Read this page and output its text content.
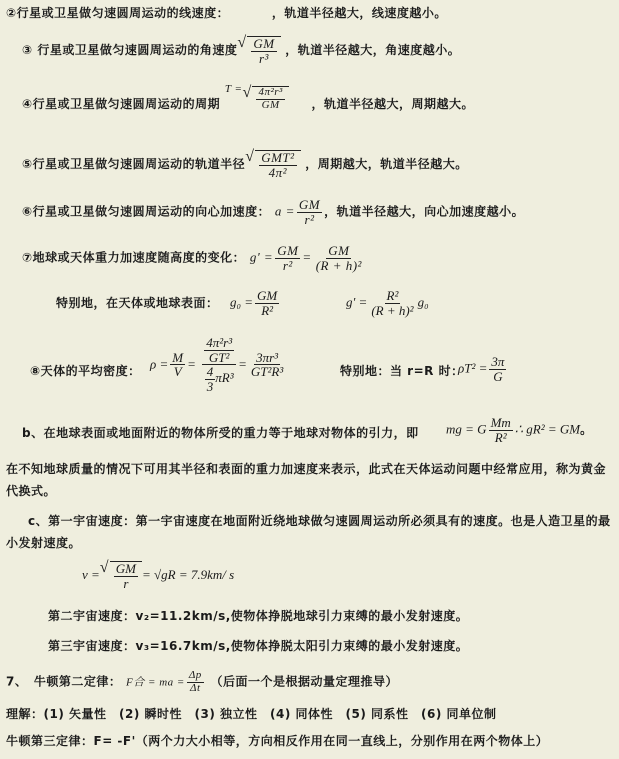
②行星或卫星做匀速圆周运动的线速度：	，轨道半径越大，线速度越小。
③ 行星或卫星做匀速圆周运动的角速度 √ $\frac{GM}{\text{r³}}$ ，轨道半径越大，角速度越小。
④行星或卫星做匀速圆周运动的周期 T = √ $\frac{\text{4π²r³}}{GM}$ ，轨道半径越大，周期越大。
⑤行星或卫星做匀速圆周运动的轨道半径 √ $\frac{\text{GMT²}}{\text{4π²}}$ ，周期越大，轨道半径越大。
⑥行星或卫星做匀速圆周运动的向心加速度： $a = \frac{GM}{\text{r²}}$ ，轨道半径越大，向心加速度越小。
⑦地球或天体重力加速度随高度的变化： $g' = \frac{GM}{\text{r²}} = \frac{GM}{\text{(R + h)²}}$
特别地，在天体或地球表面： $g_0 = \frac{GM}{\text{R²}}$	$g' = \frac{\text{R²}}{\text{(R + h)²}} g_0$
⑧天体的平均密度： $\rho = \frac{M}{V} = \frac{\frac{\text{4π²r³}}{\text{GT²}}}{\frac{4}{3} \pi R^3} = \frac{\text{3πr³}}{\text{GT²R³}}$	特别地：当 r=R 时：
$\rho T^2 = \frac{3\pi}{G}$
b、在地球表面或地面附近的物体所受的重力等于地球对物体的引力，即 mg = G $\frac{Mm}{\text{R²}}$ ∴ gR² = GM。
在不知地球质量的情况下可用其半径和表面的重力加速度来表示，此式在天体运动问题中经常应用，称为黄金代换式。
c、第一宇宙速度：第一宇宙速度在地面附近绕地球做匀速圆周运动所必须具有的速度。也是人造卫星的最小发射速度。
v = √ $\frac{GM}{r} = √gR = 7.9km/$ s
第二宇宙速度：v₂=11.2km/s,使物体挣脱地球引力束缚的最小发射速度。
第三宇宙速度：v₃=16.7km/s,使物体挣脱太阳引力束缚的最小发射速度。
7、　牛顿第二定律： F合 = ma = $\frac{\Delta p}{\Delta t}$ （后面一个是根据动量定理推导）
理解：(1) 矢量性　(2) 瞬时性　(3) 独立性　(4) 同体性　(5) 同系性　(6) 同单位制
牛顿第三定律：F= -F'（两个力大小相等，方向相反作用在同一直线上，分别作用在两个物体上）
